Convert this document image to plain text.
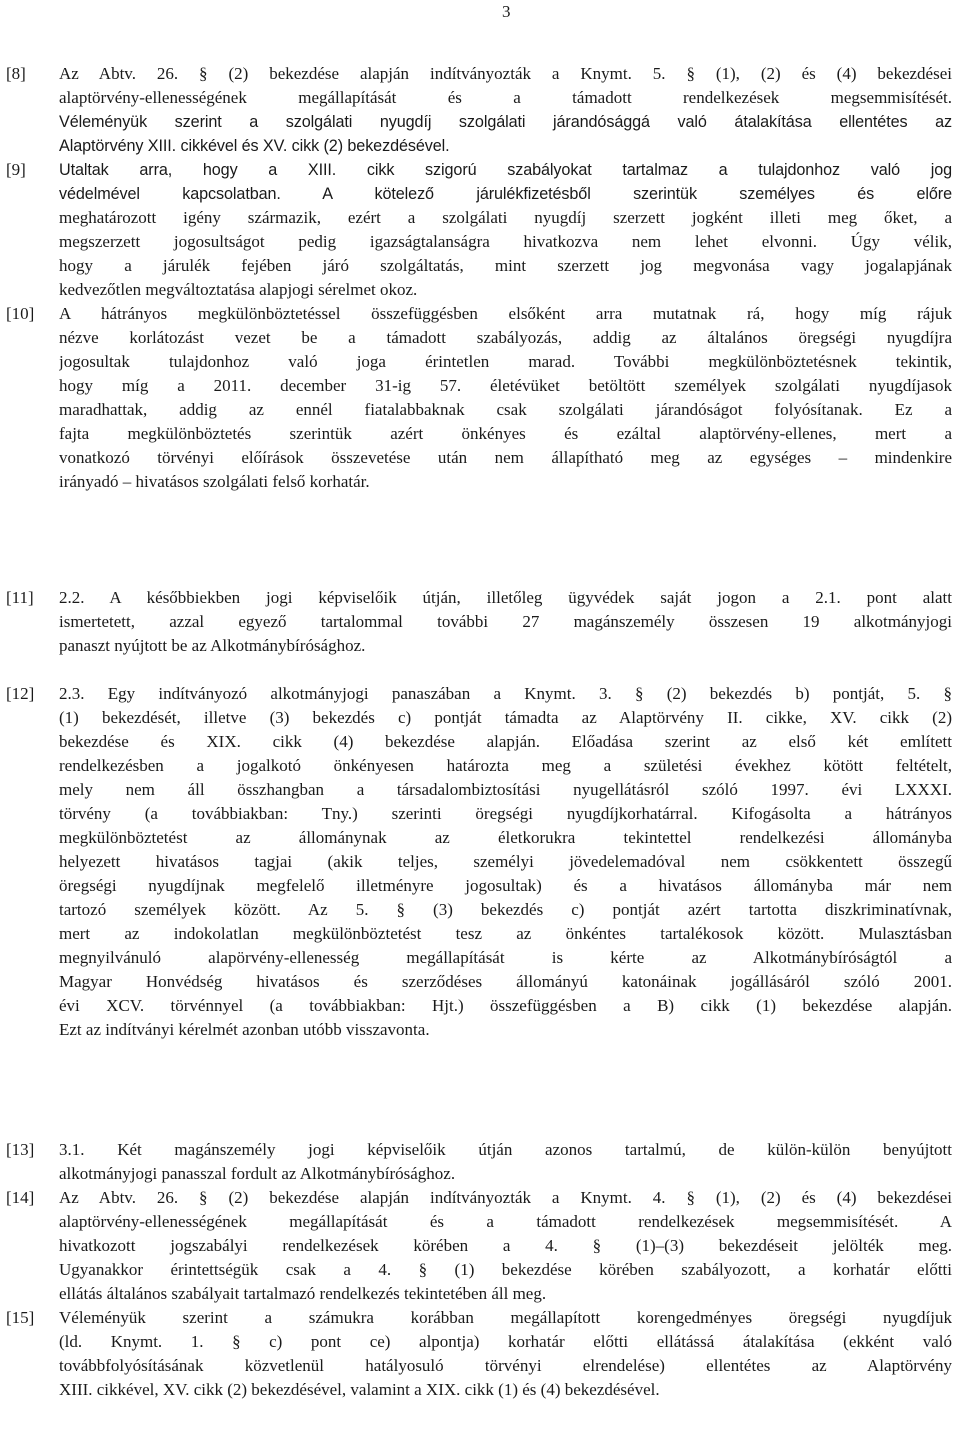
3
[8] Az Abtv. 26. § (2) bekezdése alapján indítványozták a Knymt. 5. § (1), (2) és (4) bekezdései
alaptörvény-ellenességének megállapítását és a támadott rendelkezések megsemmisítését.
Véleményük szerint a szolgálati nyugdíj szolgálati járandósággá való átalakítása ellentétes az
Alaptörvény XIII. cikkével és XV. cikk (2) bekezdésével.
[9] Utaltak arra, hogy a XIII. cikk szigorú szabályokat tartalmaz a tulajdonhoz való jog
védelmével kapcsolatban. A kötelező járulékfizetésből szerintük személyes és előre
meghatározott igény származik, ezért a szolgálati nyugdíj szerzett jogként illeti meg őket, a
megszerzett jogosultságot pedig igazságtalanságra hivatkozva nem lehet elvonni. Úgy vélik,
hogy a járulék fejében járó szolgáltatás, mint szerzett jog megvonása vagy jogalapjának
kedvezőtlen megváltoztatása alapjogi sérelmet okoz.
[10] A hátrányos megkülönböztetéssel összefüggésben elsőként arra mutatnak rá, hogy míg rájuk
nézve korlátozást vezet be a támadott szabályozás, addig az általános öregségi nyugdíjra
jogosultak tulajdonhoz való joga érintetlen marad. További megkülönböztetésnek tekintik,
hogy míg a 2011. december 31-ig 57. életévüket betöltött személyek szolgálati nyugdíjasok
maradhattak, addig az ennél fiatalabbaknak csak szolgálati járandóságot folyósítanak. Ez a
fajta megkülönböztetés szerintük azért önkényes és ezáltal alaptörvény-ellenes, mert a
vonatkozó törvényi előírások összevetése után nem állapítható meg az egységes – mindenkire
irányadó – hivatásos szolgálati felső korhatár.
[11] 2.2. A későbbiekben jogi képviselőik útján, illetőleg ügyvédek saját jogon a 2.1. pont alatt
ismertetett, azzal egyező tartalommal további 27 magánszemély összesen 19 alkotmányjogi
panaszt nyújtott be az Alkotmánybírósághoz.
[12] 2.3. Egy indítványozó alkotmányjogi panaszában a Knymt. 3. § (2) bekezdés b) pontját, 5. §
(1) bekezdését, illetve (3) bekezdés c) pontját támadta az Alaptörvény II. cikke, XV. cikk (2)
bekezdése és XIX. cikk (4) bekezdése alapján. Előadása szerint az első két említett
rendelkezésben a jogalkotó önkényesen határozta meg a születési évekhez kötött feltételt,
mely nem áll összhangban a társadalombiztosítási nyugellátásról szóló 1997. évi LXXXI.
törvény (a továbbiakban: Tny.) szerinti öregségi nyugdíjkorhatárral. Kifogásolta a hátrányos
megkülönböztetést az állománynak az életkorukra tekintettel rendelkezési állományba
helyezett hivatásos tagjai (akik teljes, személyi jövedelemadóval nem csökkentett összegű
öregségi nyugdíjnak megfelelő illetményre jogosultak) és a hivatásos állományba már nem
tartozó személyek között. Az 5. § (3) bekezdés c) pontját azért tartotta diszkriminatívnak,
mert az indokolatlan megkülönböztetést tesz az önkéntes tartalékosok között. Mulasztásban
megnyilvánuló alapörvény-ellenesség megállapítását is kérte az Alkotmánybíróságtól a
Magyar Honvédség hivatásos és szerződéses állományú katonáinak jogállásáról szóló 2001.
évi XCV. törvénnyel (a továbbiakban: Hjt.) összefüggésben a B) cikk (1) bekezdése alapján.
Ezt az indítványi kérelmét azonban utóbb visszavonta.
[13] 3.1. Két magánszemély jogi képviselőik útján azonos tartalmú, de külön-külön benyújtott
alkotmányjogi panasszal fordult az Alkotmánybírósághoz.
[14] Az Abtv. 26. § (2) bekezdése alapján indítványozták a Knymt. 4. § (1), (2) és (4) bekezdései
alaptörvény-ellenességének megállapítását és a támadott rendelkezések megsemmisítését. A
hivatkozott jogszabályi rendelkezések körében a 4. § (1)–(3) bekezdéseit jelölték meg.
Ugyanakkor érintettségük csak a 4. § (1) bekezdése körében szabályozott, a korhatár előtti
ellátás általános szabályait tartalmazó rendelkezés tekintetében áll meg.
[15] Véleményük szerint a számukra korábban megállapított korengedményes öregségi nyugdíjuk
(ld. Knymt. 1. § c) pont ce) alpontja) korhatár előtti ellátássá átalakítása (ekként való
továbbfolyósításának közvetlenül hatályosuló törvényi elrendelése) ellentétes az Alaptörvény
XIII. cikkével, XV. cikk (2) bekezdésével, valamint a XIX. cikk (1) és (4) bekezdésével.
